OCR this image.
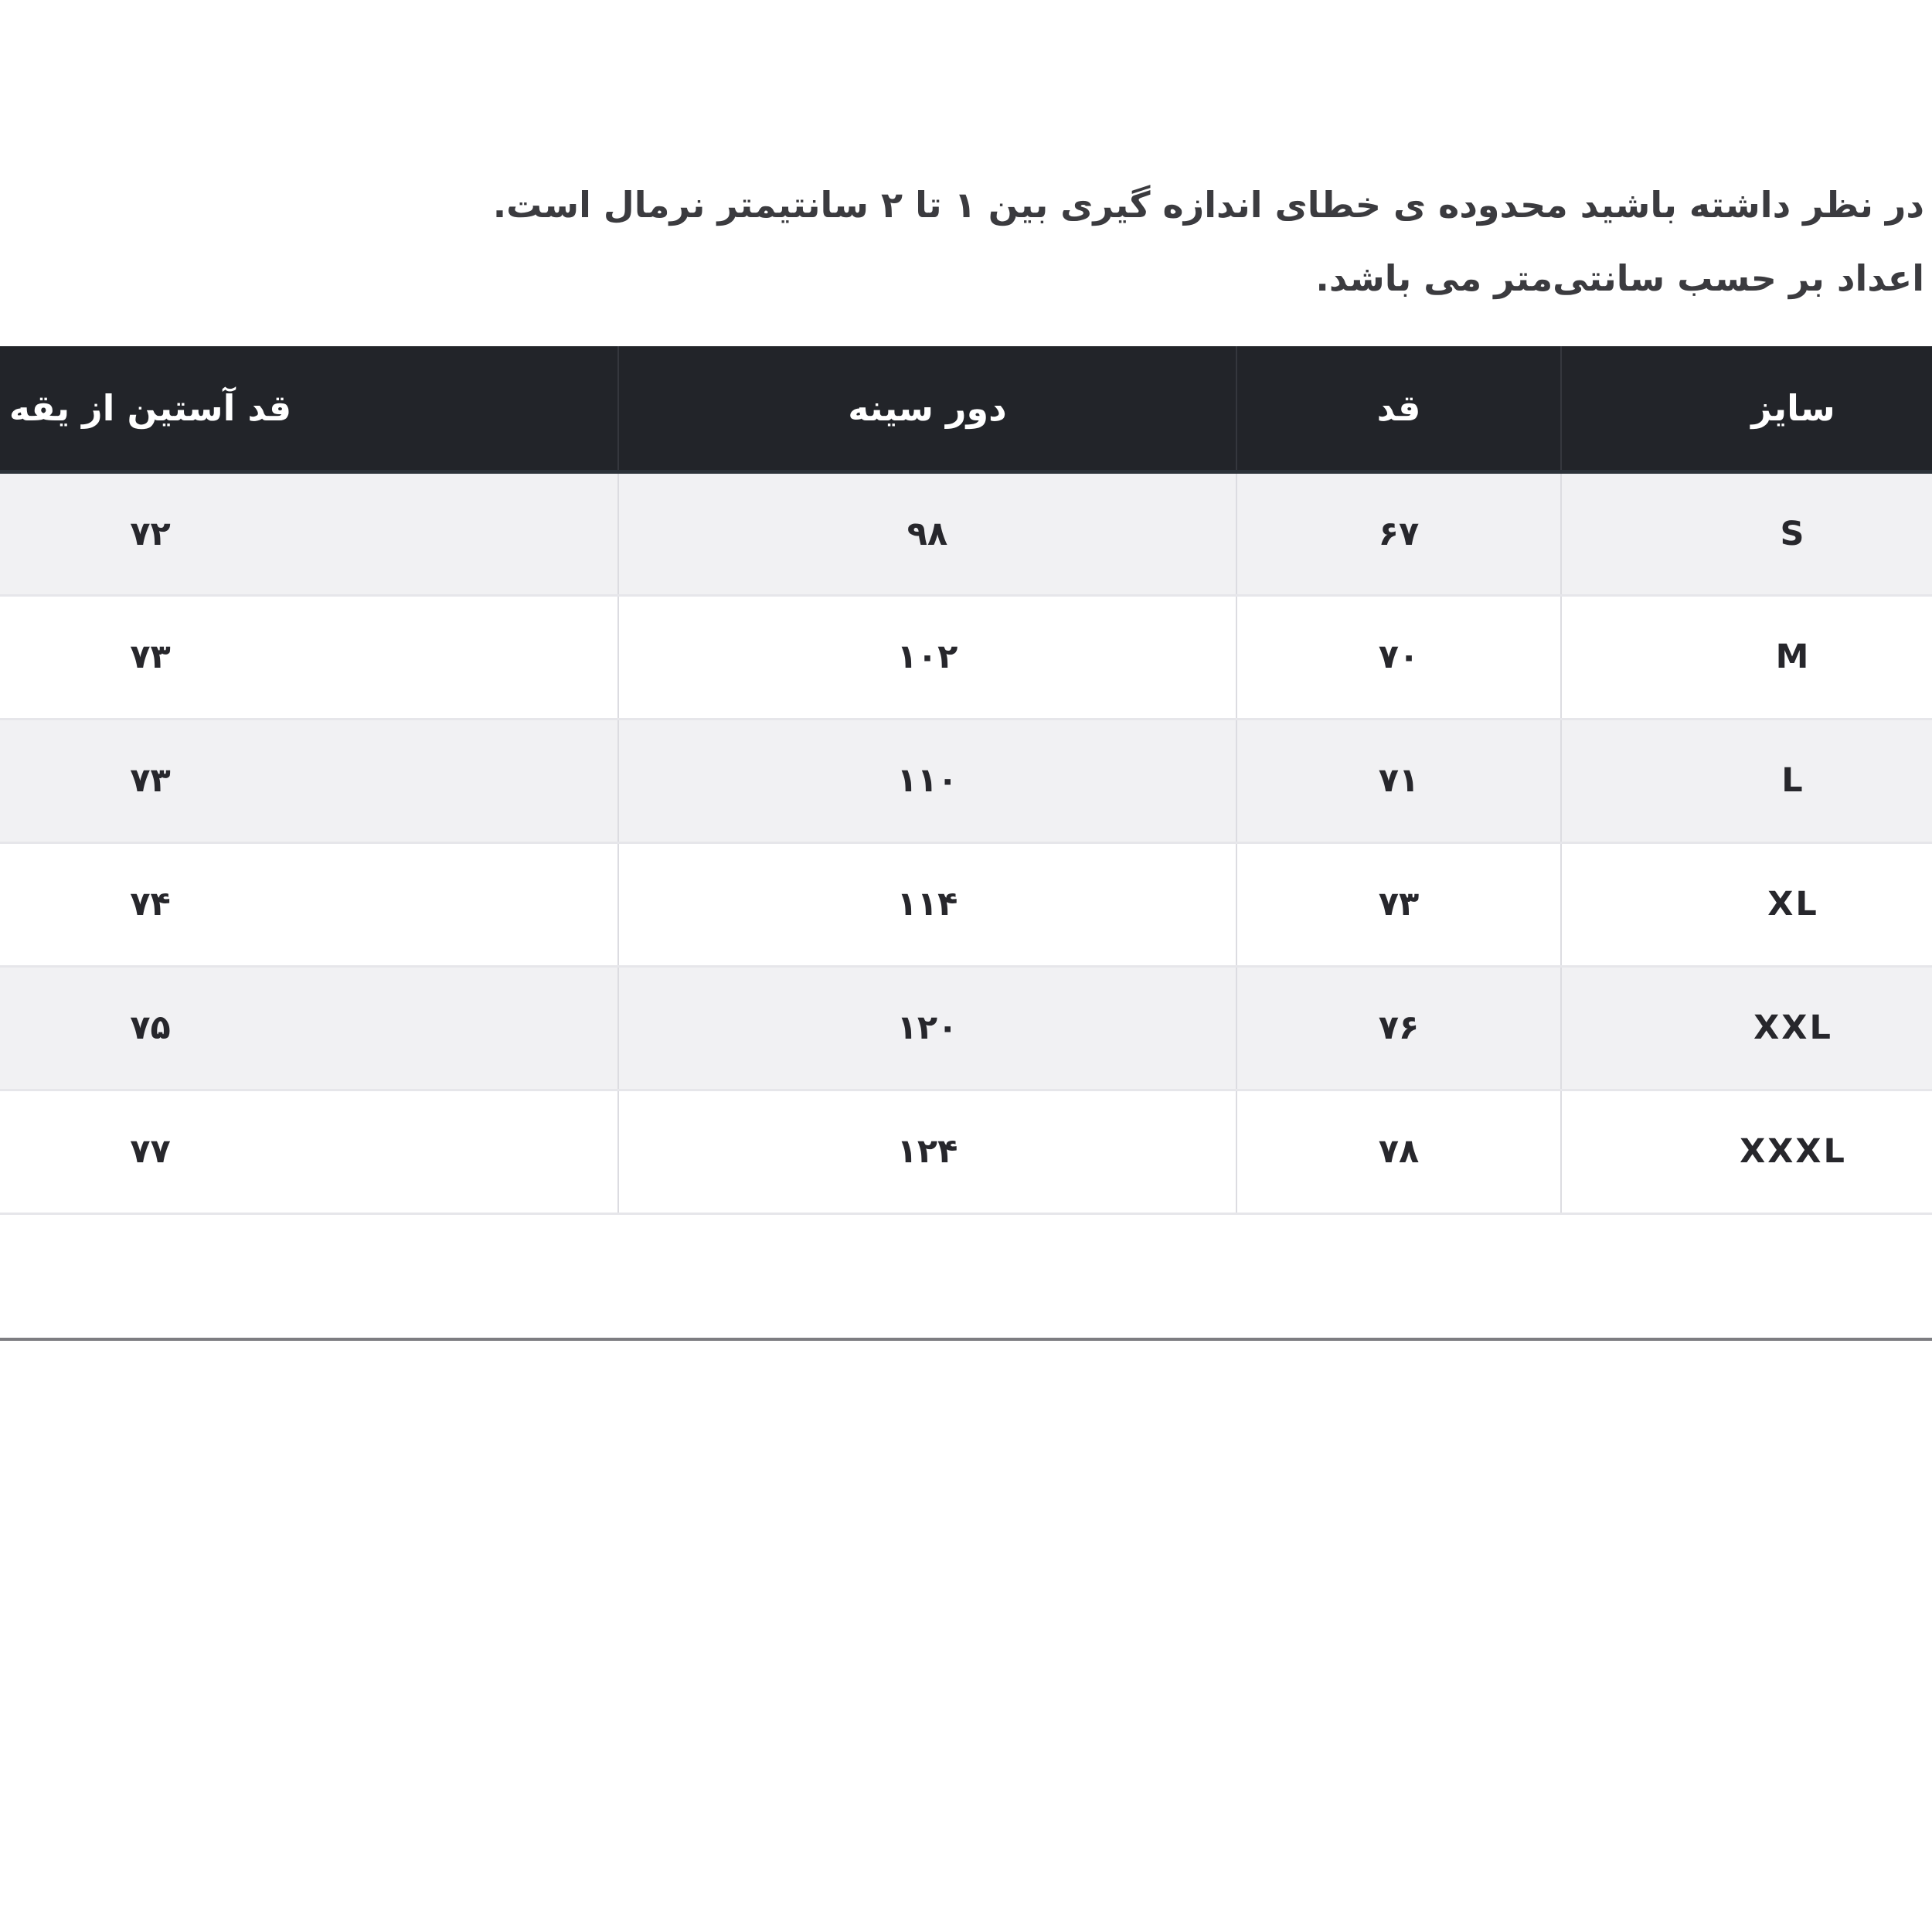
در نظر داشته باشید محدوده ی خطای اندازه گیری بین ۱ تا ۲ سانتیمتر نرمال است.
اعداد بر حسب سانتی‌متر می باشد.
سایز	قد	دور سینه	قد آستین از یقه
S	۶۷	۹۸	۷۲
M	۷۰	۱۰۲	۷۳
L	۷۱	۱۱۰	۷۳
XL	۷۳	۱۱۴	۷۴
XXL	۷۶	۱۲۰	۷۵
XXXL	۷۸	۱۲۴	۷۷
